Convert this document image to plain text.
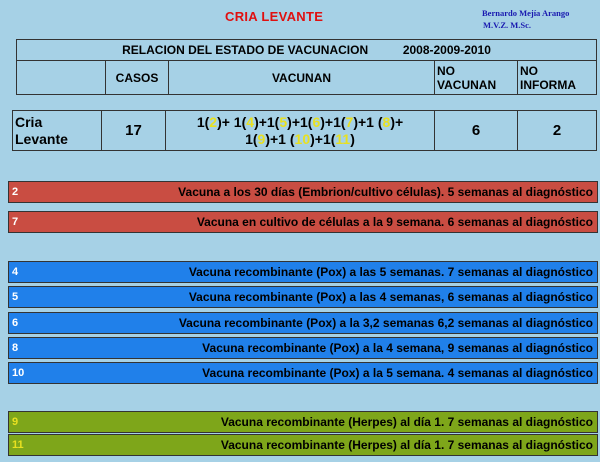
CRIA LEVANTE	Bernardo Mejía Arango
M.V.Z. M.Sc.
RELACION DEL ESTADO DE VACUNACION	2008-2009-2010
	CASOS	VACUNAN	NO VACUNAN	NO INFORMA
Cria Levante	17	1(2)+ 1(4)+1(5)+1(6)+1(7)+1 (8)+
1(9)+1 (10)+1(11)	6	2
2	Vacuna a los 30 días (Embrion/cultivo células). 5 semanas al diagnóstico
7	Vacuna en cultivo de células a la 9 semana. 6 semanas al diagnóstico
4	Vacuna recombinante (Pox) a las 5 semanas. 7 semanas al diagnóstico
5	Vacuna recombinante (Pox) a las 4 semanas, 6 semanas al diagnóstico
6	Vacuna recombinante (Pox) a la 3,2 semanas 6,2 semanas al diagnóstico
8	Vacuna recombinante (Pox) a la 4 semana, 9 semanas al diagnóstico
10	Vacuna recombinante (Pox) a la 5 semana. 4 semanas al diagnóstico
9	Vacuna recombinante (Herpes) al día 1. 7 semanas al diagnóstico
11	Vacuna recombinante (Herpes) al día 1. 7 semanas al diagnóstico
